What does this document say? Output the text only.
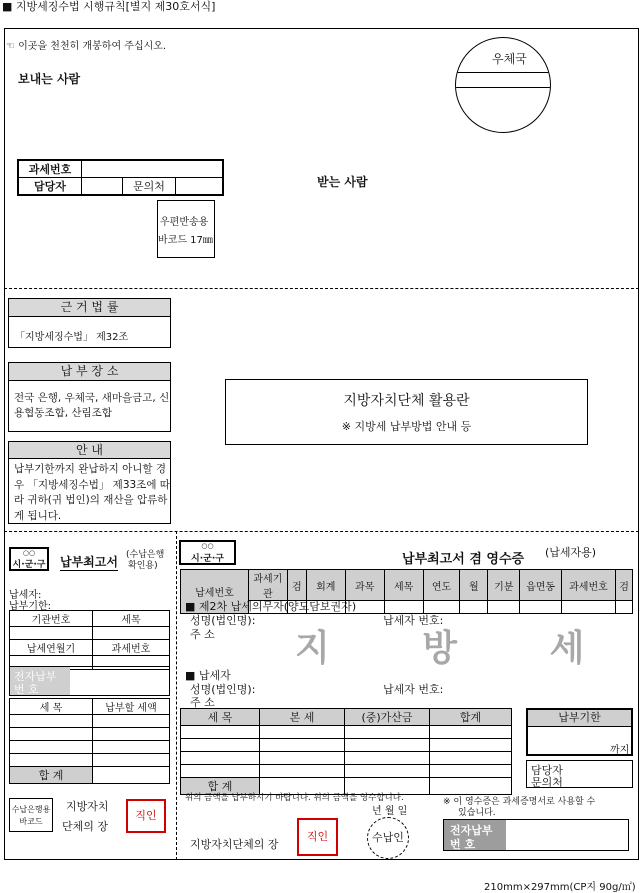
■ 지방세징수법 시행규칙[별지 제30호서식]
☜ 이곳을 천천히 개봉하여 주십시오.
보내는 사람
우체국
과세번호			
담당자		문의처		받는 사람
우편반송용
바코드 17㎜
근 거 법 률
「지방세징수법」 제32조
납 부 장 소
전국 은행, 우체국, 새마을금고, 신용협동조합, 산림조합
안 내
납부기한까지 완납하지 아니할 경우 「지방세징수법」 제33조에 따라 귀하(귀 법인)의 재산을 압류하게 됩니다.
지방자치단체 활용란
※ 지방세 납부방법 안내 등
○○
시·군·구 납부최고서 (수납은행
확인용)
납세자:
납부기한:
기관번호	세목

납세연월기	과세번호

전자납부
번 호
세 목	납부할 세액

합 계	
수납은행용
바코드
지방자치
단체의 장
직인
○○
시·군·구	납부최고서 겸 영수증 (납세자용)
납세번호	과세기관	검	회계	과목	세목	연도	월	기분	읍면동	과세번호	검

■ 제2차 납세의무자(양도담보권자)
성명(법인명):	납세자 번호:
주 소 지 방 세
■ 납세자
성명(법인명):	납세자 번호:
주 소
세 목	본 세	(중)가산금	합계

합 계			
납부기한
까지
담당자
문의처
위의 금액을 납부하시기 바랍니다. 위의 금액을 영수합니다.
년 월 일
※ 이 영수증은 과세증명서로 사용할 수
있습니다.
지방자치단체의 장
직인	수납인
전자납부
번 호
210mm×297mm(CP지 90g/㎡)
